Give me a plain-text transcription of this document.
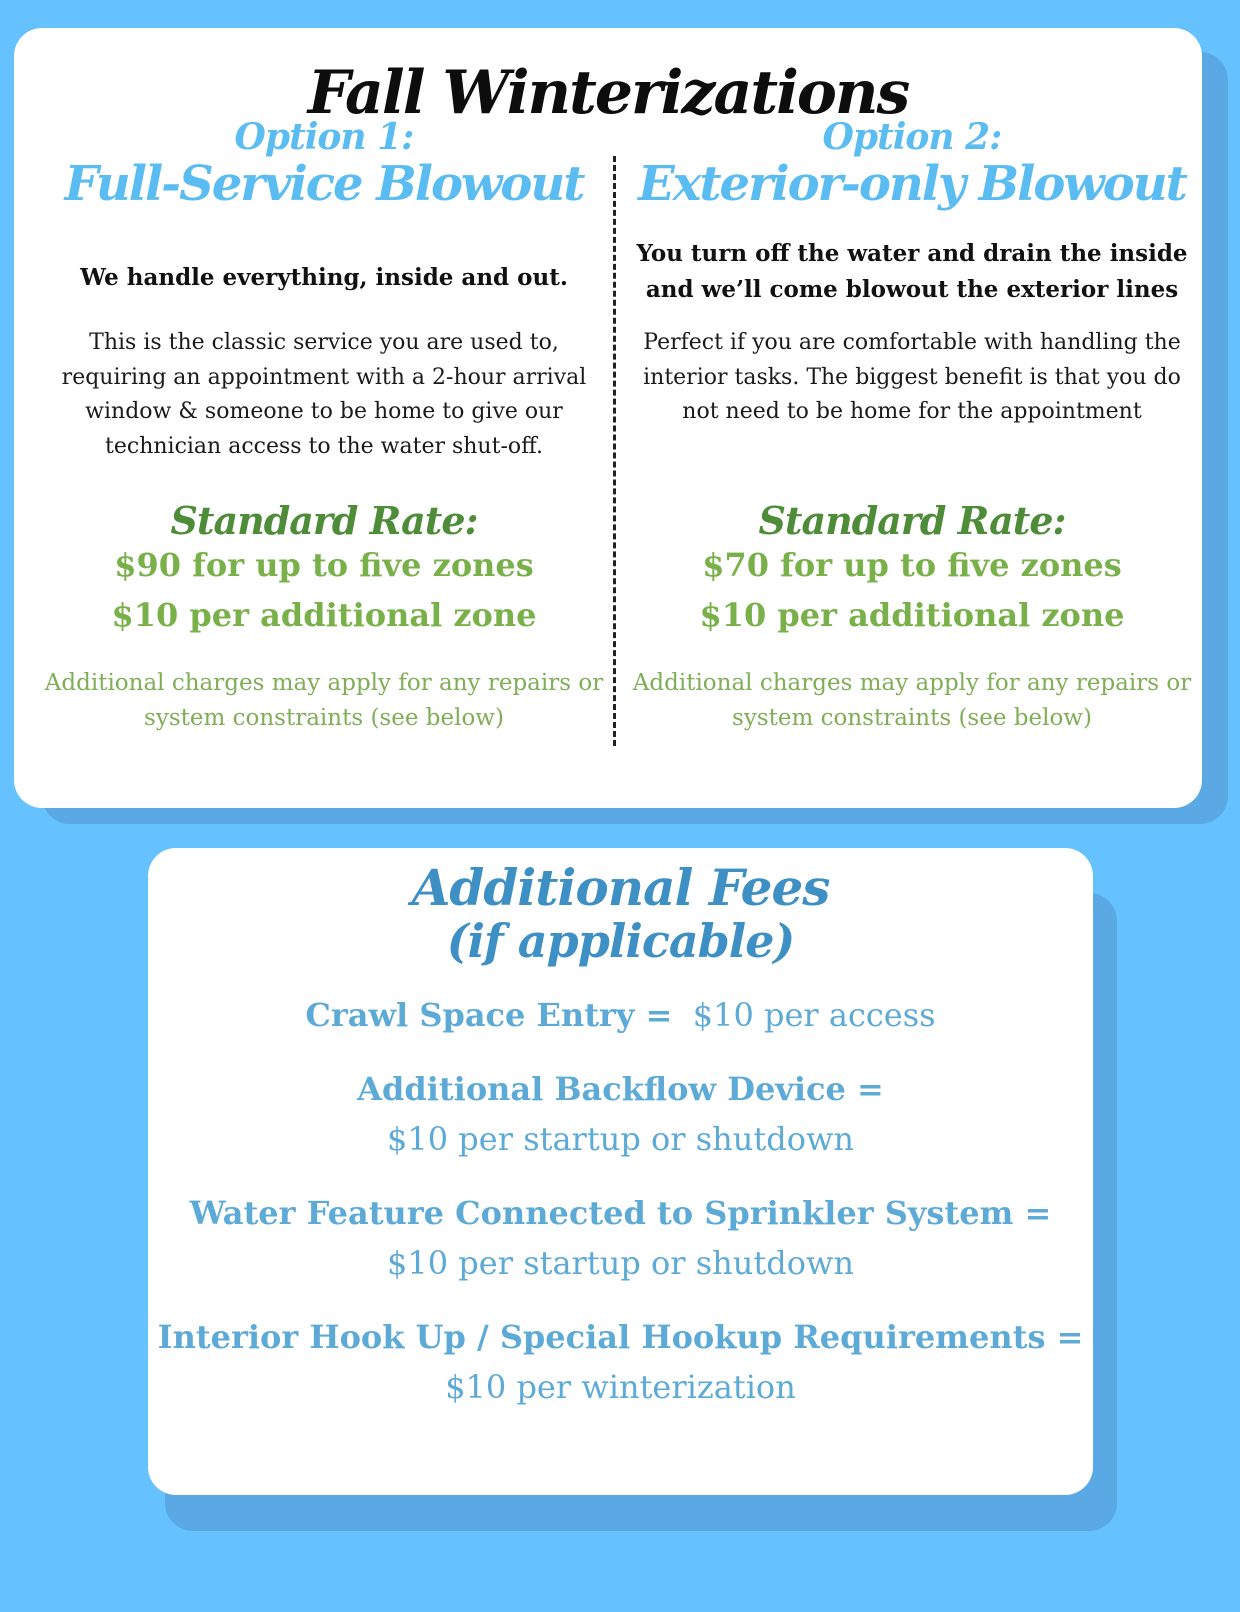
Fall Winterizations
Option 1:
Full-Service Blowout
We handle everything, inside and out.
This is the classic service you are used to, requiring an appointment with a 2-hour arrival window & someone to be home to give our technician access to the water shut-off.
Standard Rate:
$90 for up to five zones
$10 per additional zone
Additional charges may apply for any repairs or system constraints (see below)
Option 2:
Exterior-only Blowout
You turn off the water and drain the inside and we’ll come blowout the exterior lines
Perfect if you are comfortable with handling the interior tasks. The biggest benefit is that you do not need to be home for the appointment
Standard Rate:
$70 for up to five zones
$10 per additional zone
Additional charges may apply for any repairs or system constraints (see below)
Additional Fees
(if applicable)
Crawl Space Entry = $10 per access
Additional Backflow Device =
$10 per startup or shutdown
Water Feature Connected to Sprinkler System =
$10 per startup or shutdown
Interior Hook Up / Special Hookup Requirements =
$10 per winterization
